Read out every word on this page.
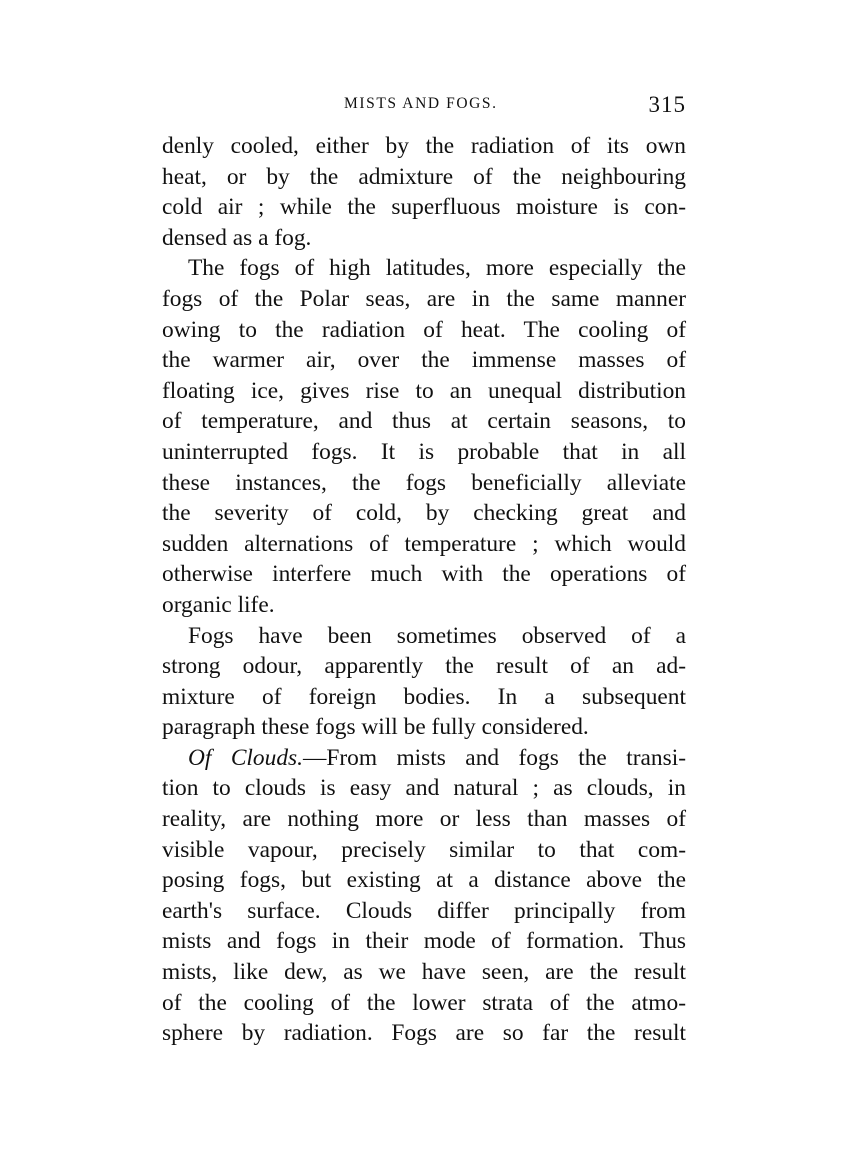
MISTS AND FOGS.	315
denly cooled, either by the radiation of its own
heat, or by the admixture of the neighbouring
cold air ; while the superfluous moisture is con-
densed as a fog.
The fogs of high latitudes, more especially the
fogs of the Polar seas, are in the same manner
owing to the radiation of heat. The cooling of
the warmer air, over the immense masses of
floating ice, gives rise to an unequal distribution
of temperature, and thus at certain seasons, to
uninterrupted fogs. It is probable that in all
these instances, the fogs beneficially alleviate
the severity of cold, by checking great and
sudden alternations of temperature ; which would
otherwise interfere much with the operations of
organic life.
Fogs have been sometimes observed of a
strong odour, apparently the result of an ad-
mixture of foreign bodies. In a subsequent
paragraph these fogs will be fully considered.
Of Clouds.—From mists and fogs the transi-
tion to clouds is easy and natural ; as clouds, in
reality, are nothing more or less than masses of
visible vapour, precisely similar to that com-
posing fogs, but existing at a distance above the
earth's surface. Clouds differ principally from
mists and fogs in their mode of formation. Thus
mists, like dew, as we have seen, are the result
of the cooling of the lower strata of the atmo-
sphere by radiation. Fogs are so far the result
